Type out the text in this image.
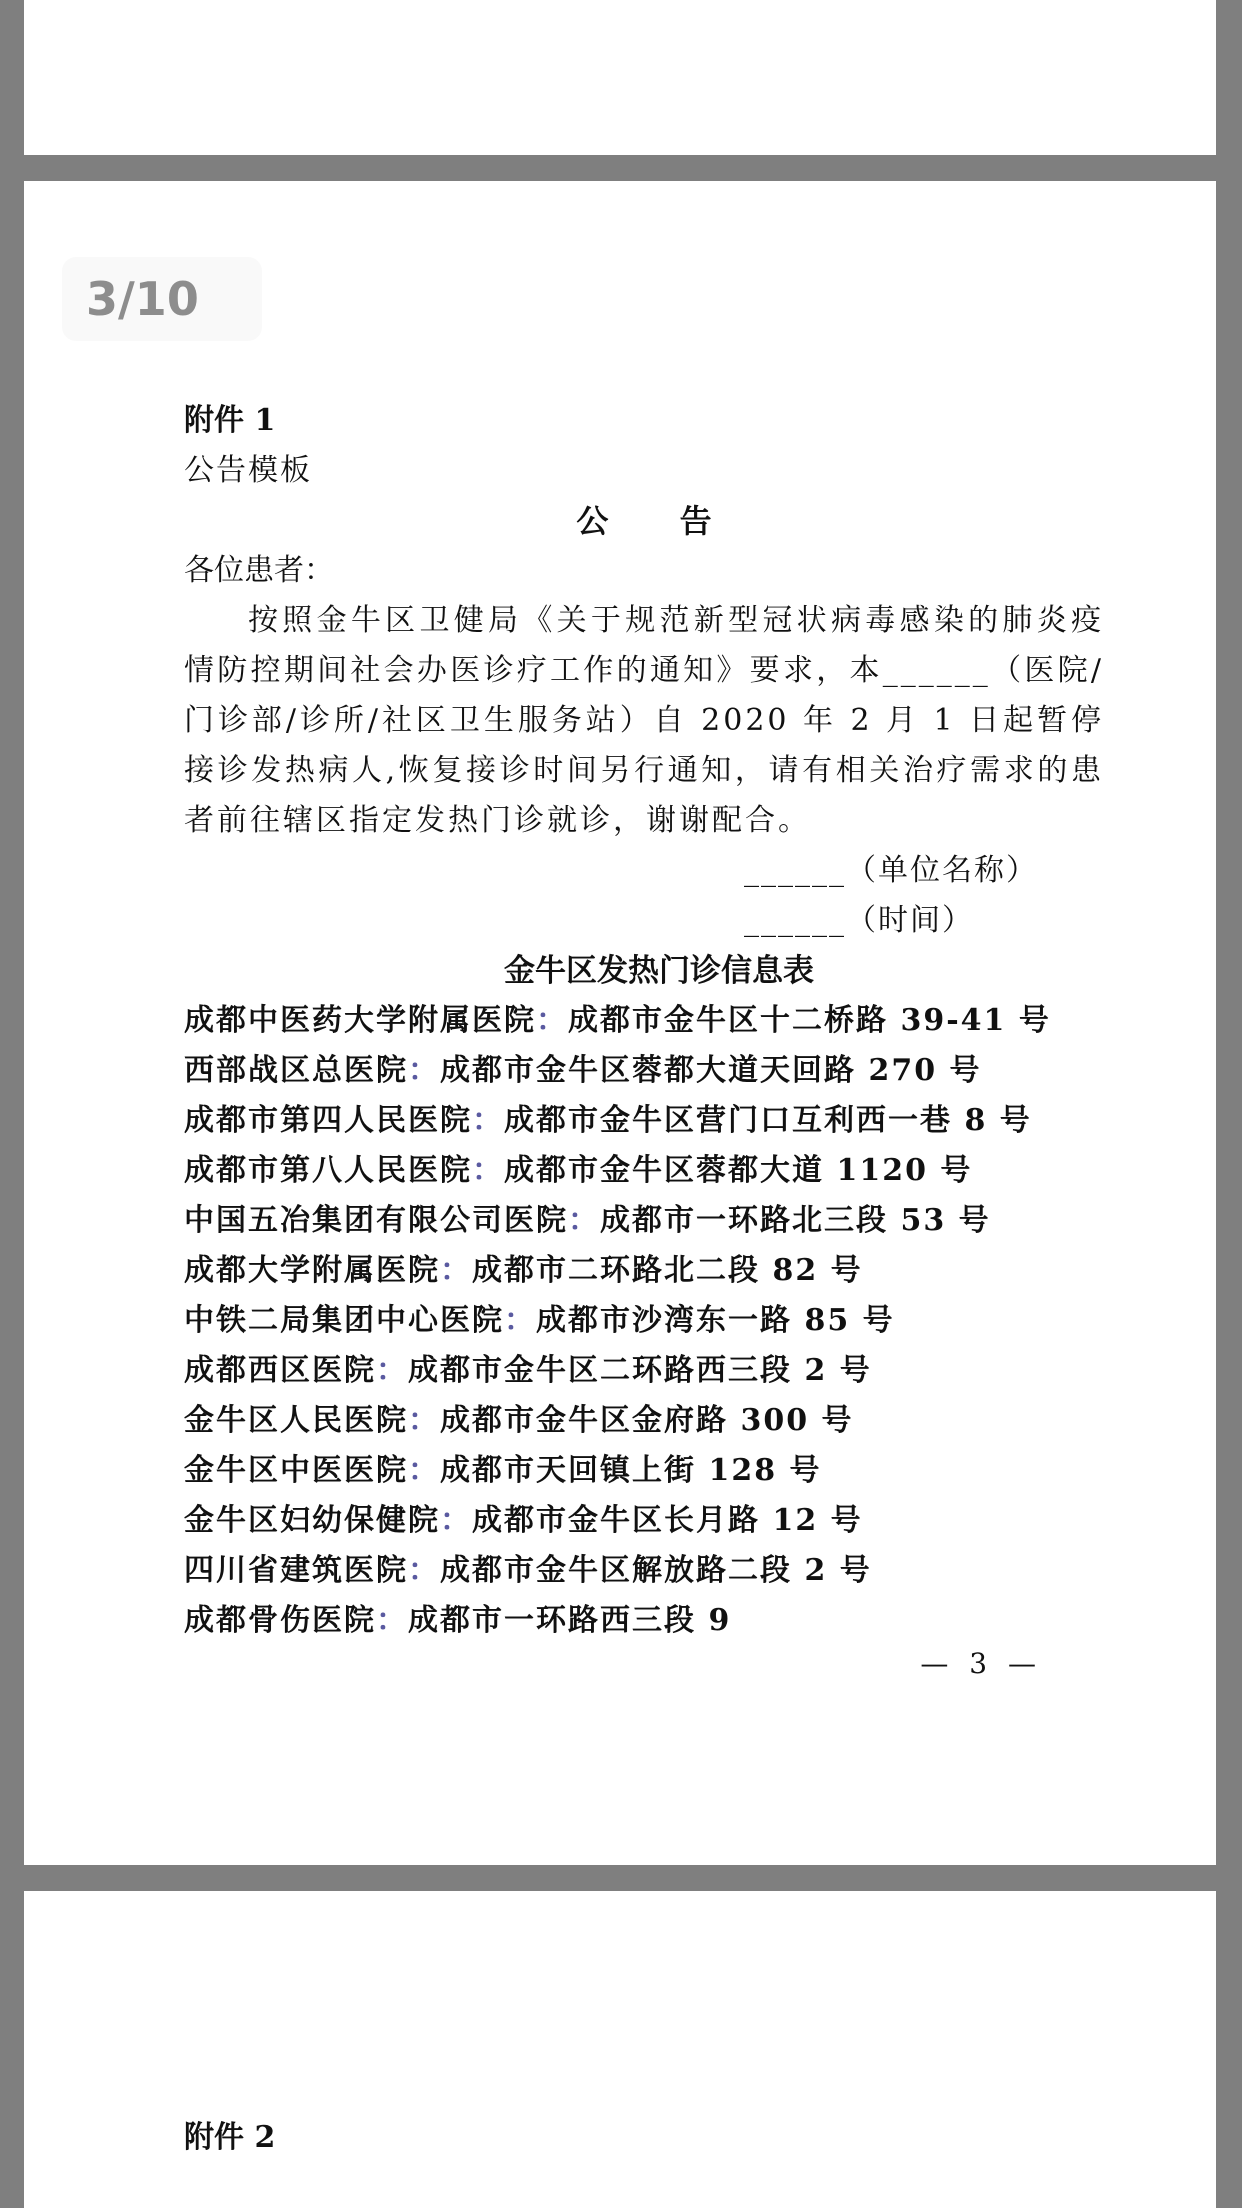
3/10
附件 1
公告模板
公 告
各位患者：
按照金牛区卫健局《关于规范新型冠状病毒感染的肺炎疫情防控期间社会办医诊疗工作的通知》要求，本______（医院/门诊部/诊所/社区卫生服务站）自 2020 年 2 月 1 日起暂停接诊发热病人,恢复接诊时间另行通知，请有相关治疗需求的患者前往辖区指定发热门诊就诊，谢谢配合。
______（单位名称）
______（时间）
金牛区发热门诊信息表
成都中医药大学附属医院：成都市金牛区十二桥路 39-41 号
西部战区总医院：成都市金牛区蓉都大道天回路 270 号
成都市第四人民医院：成都市金牛区营门口互利西一巷 8 号
成都市第八人民医院：成都市金牛区蓉都大道 1120 号
中国五冶集团有限公司医院：成都市一环路北三段 53 号
成都大学附属医院：成都市二环路北二段 82 号
中铁二局集团中心医院：成都市沙湾东一路 85 号
成都西区医院：成都市金牛区二环路西三段 2 号
金牛区人民医院：成都市金牛区金府路 300 号
金牛区中医医院：成都市天回镇上街 128 号
金牛区妇幼保健院：成都市金牛区长月路 12 号
四川省建筑医院：成都市金牛区解放路二段 2 号
成都骨伤医院：成都市一环路西三段 9
— 3 —
附件 2
